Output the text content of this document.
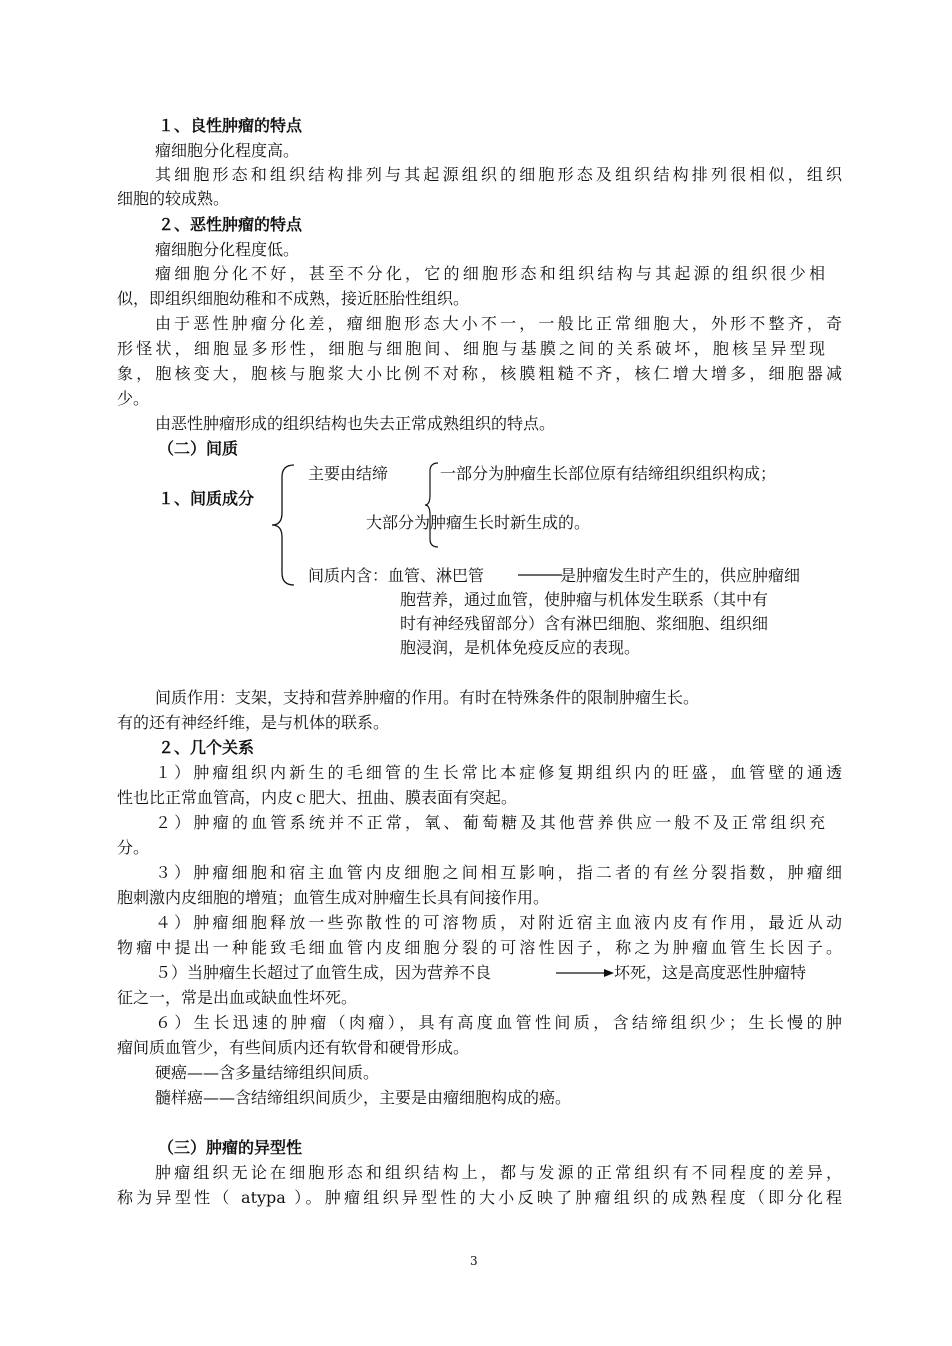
１、良性肿瘤的特点
瘤细胞分化程度高。
其细胞形态和组织结构排列与其起源组织的细胞形态及组织结构排列很相似，组织
细胞的较成熟。
２、恶性肿瘤的特点
瘤细胞分化程度低。
瘤细胞分化不好，甚至不分化，它的细胞形态和组织结构与其起源的组织很少相
似，即组织细胞幼稚和不成熟，接近胚胎性组织。
由于恶性肿瘤分化差，瘤细胞形态大小不一，一般比正常细胞大，外形不整齐，奇
形怪状，细胞显多形性，细胞与细胞间、细胞与基膜之间的关系破坏，胞核呈异型现
象，胞核变大，胞核与胞浆大小比例不对称，核膜粗糙不齐，核仁增大增多，细胞器减
少。
由恶性肿瘤形成的组织结构也失去正常成熟组织的特点。
（二）间质
１、间质成分
主要由结缔	一部分为肿瘤生长部位原有结缔组织组织构成；
大部分为肿瘤生长时新生成的。
间质内含：血管、淋巴管	是肿瘤发生时产生的，供应肿瘤细
胞营养，通过血管，使肿瘤与机体发生联系（其中有
时有神经残留部分）含有淋巴细胞、浆细胞、组织细
胞浸润，是机体免疫反应的表现。
间质作用：支架，支持和营养肿瘤的作用。有时在特殊条件的限制肿瘤生长。
有的还有神经纤维，是与机体的联系。
２、几个关系
１）肿瘤组织内新生的毛细管的生长常比本症修复期组织内的旺盛，血管壁的通透
性也比正常血管高，内皮ｃ肥大、扭曲、膜表面有突起。
２）肿瘤的血管系统并不正常，氧、葡萄糖及其他营养供应一般不及正常组织充
分。
３）肿瘤细胞和宿主血管内皮细胞之间相互影响，指二者的有丝分裂指数，肿瘤细
胞刺激内皮细胞的增殖；血管生成对肿瘤生长具有间接作用。
４）肿瘤细胞释放一些弥散性的可溶物质，对附近宿主血液内皮有作用，最近从动
物瘤中提出一种能致毛细血管内皮细胞分裂的可溶性因子，称之为肿瘤血管生长因子。
５）当肿瘤生长超过了血管生成，因为营养不良	坏死，这是高度恶性肿瘤特
征之一，常是出血或缺血性坏死。
６）生长迅速的肿瘤（肉瘤），具有高度血管性间质，含结缔组织少；生长慢的肿
瘤间质血管少，有些间质内还有软骨和硬骨形成。
硬癌——含多量结缔组织间质。
髓样癌——含结缔组织间质少，主要是由瘤细胞构成的癌。
（三）肿瘤的异型性
肿瘤组织无论在细胞形态和组织结构上，都与发源的正常组织有不同程度的差异，
称为异型性（ atypa ）。肿瘤组织异型性的大小反映了肿瘤组织的成熟程度（即分化程
3
